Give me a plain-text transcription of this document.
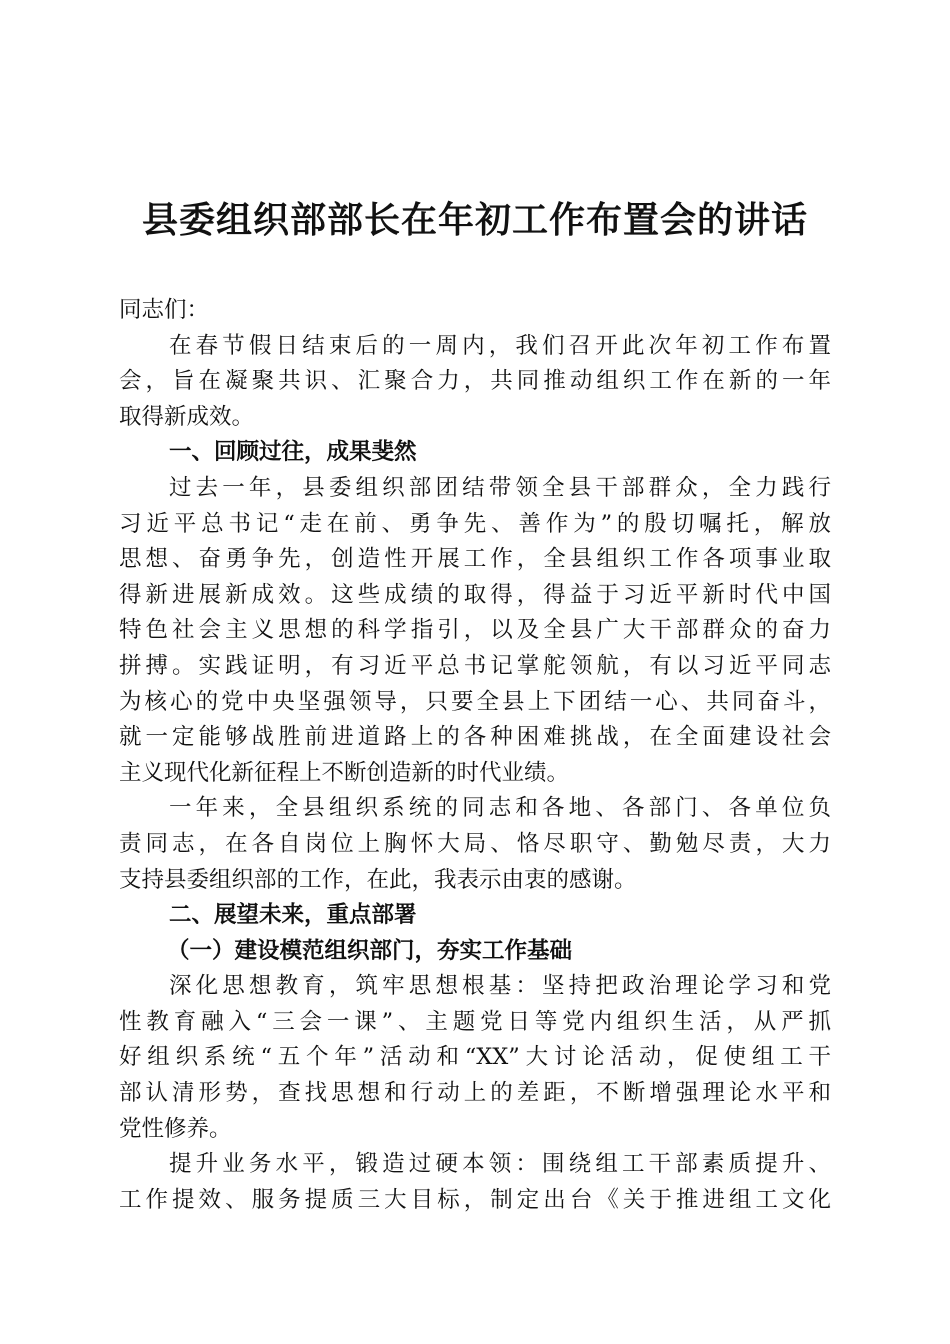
县委组织部部长在年初工作布置会的讲话
同志们：
在春节假日结束后的一周内，我们召开此次年初工作布置
会，旨在凝聚共识、汇聚合力，共同推动组织工作在新的一年
取得新成效。
一、回顾过往，成果斐然
过去一年，县委组织部团结带领全县干部群众，全力践行
习近平总书记“走在前、勇争先、善作为”的殷切嘱托，解放
思想、奋勇争先，创造性开展工作，全县组织工作各项事业取
得新进展新成效。这些成绩的取得，得益于习近平新时代中国
特色社会主义思想的科学指引，以及全县广大干部群众的奋力
拼搏。实践证明，有习近平总书记掌舵领航，有以习近平同志
为核心的党中央坚强领导，只要全县上下团结一心、共同奋斗，
就一定能够战胜前进道路上的各种困难挑战，在全面建设社会
主义现代化新征程上不断创造新的时代业绩。
一年来，全县组织系统的同志和各地、各部门、各单位负
责同志，在各自岗位上胸怀大局、恪尽职守、勤勉尽责，大力
支持县委组织部的工作，在此，我表示由衷的感谢。
二、展望未来，重点部署
（一）建设模范组织部门，夯实工作基础
深化思想教育，筑牢思想根基：坚持把政治理论学习和党
性教育融入“三会一课”、主题党日等党内组织生活，从严抓
好组织系统“五个年”活动和“XX”大讨论活动，促使组工干
部认清形势，查找思想和行动上的差距，不断增强理论水平和
党性修养。
提升业务水平，锻造过硬本领：围绕组工干部素质提升、
工作提效、服务提质三大目标，制定出台《关于推进组工文化
